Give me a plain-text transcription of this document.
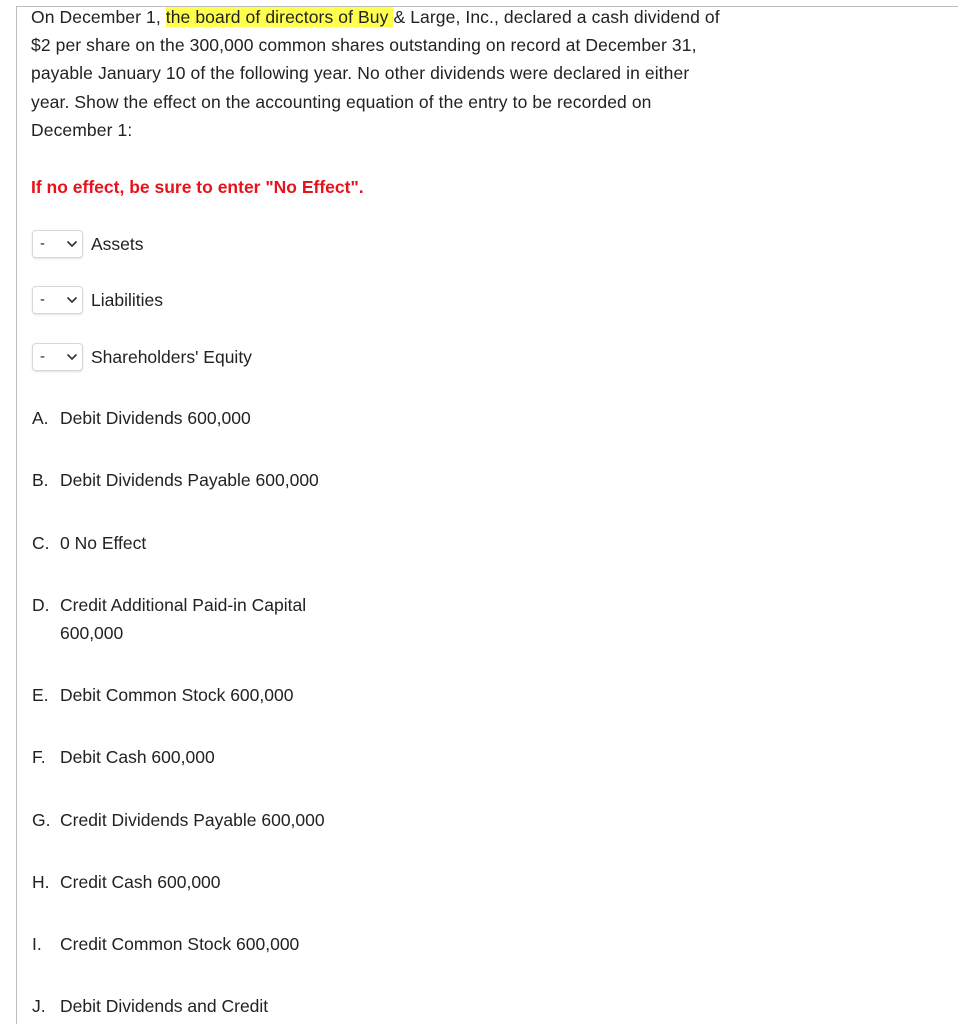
On December 1, the board of directors of Buy & Large, Inc., declared a cash dividend of $2 per share on the 300,000 common shares outstanding on record at December 31, payable January 10 of the following year. No other dividends were declared in either year. Show the effect on the accounting equation of the entry to be recorded on December 1:

If no effect, be sure to enter "No Effect".
-	Assets
-	Liabilities
-	Shareholders' Equity
A. Debit Dividends 600,000
B. Debit Dividends Payable 600,000
C. 0 No Effect
D. Credit Additional Paid-in Capital 600,000
E. Debit Common Stock 600,000
F. Debit Cash 600,000
G. Credit Dividends Payable 600,000
H. Credit Cash 600,000
I.	Credit Common Stock 600,000
J. Debit Dividends and Credit
